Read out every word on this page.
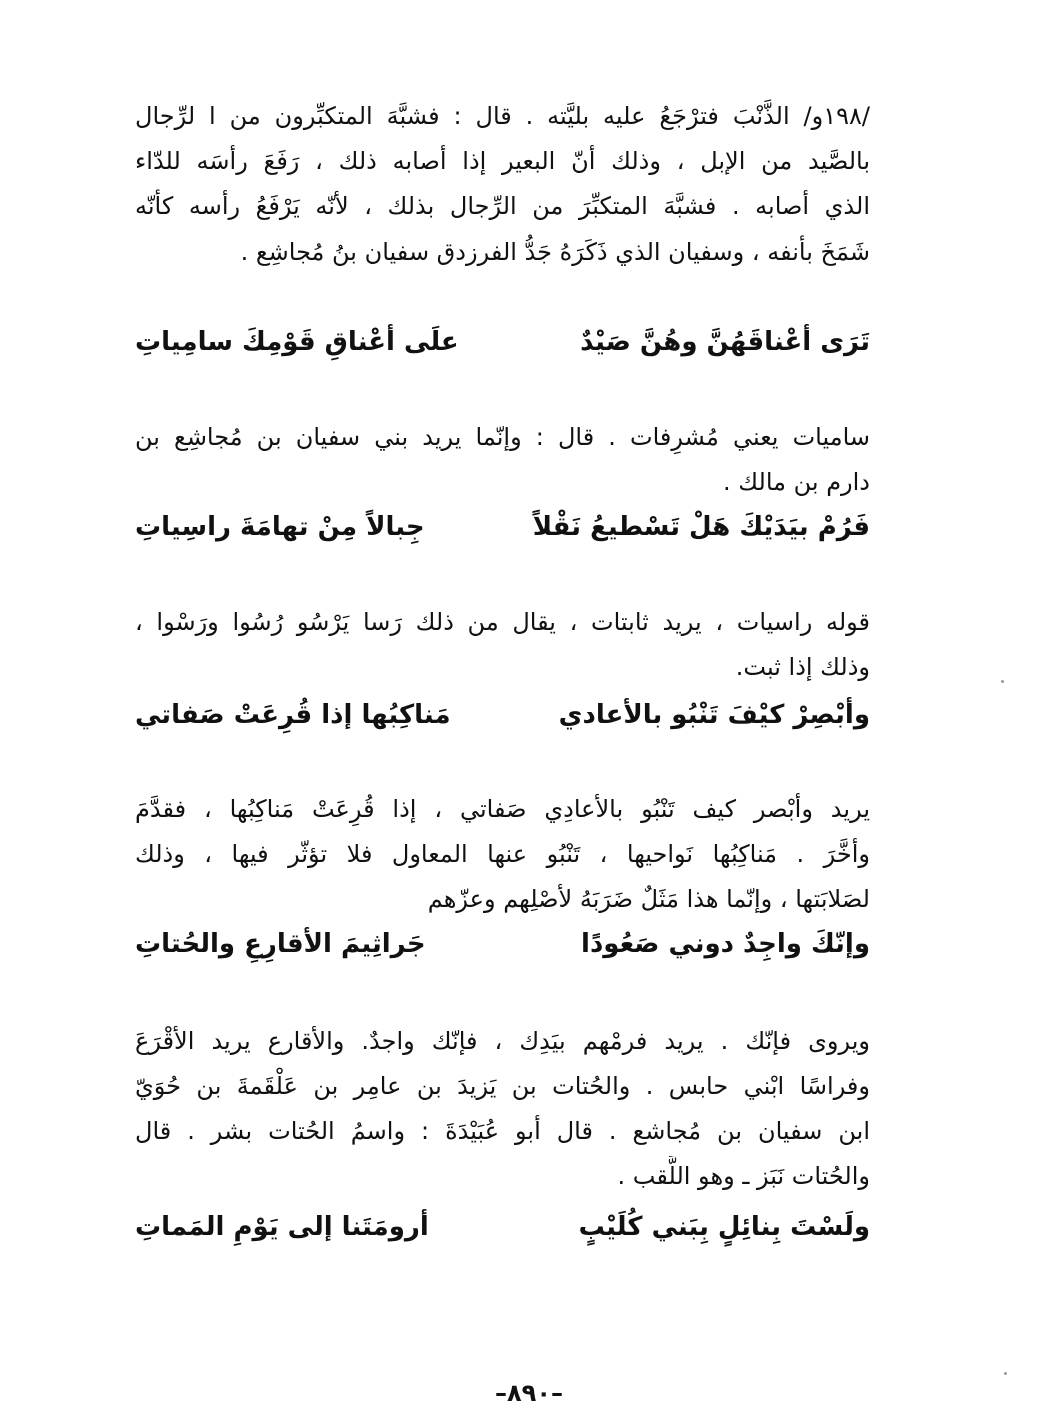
/١٩٨و/ الذَّنْبَ فترْجَعُ عليه بليَّته . قال : فشبَّهَ المتكبِّرون من ا لرِّجال
بالصَّيد من الإبل ، وذلك أنّ البعير إذا أصابه ذلك ، رَفَعَ رأسَه للدّاء
الذي أصابه . فشبَّهَ المتكبِّرَ من الرِّجال بذلك ، لأنّه يَرْفَعُ رأسه كأنّه
شَمَخَ بأنفه ، وسفيان الذي ذَكَرَهُ جَدُّ الفرزدق سفيان بنُ مُجاشِع .
تَرَى أعْناقَهُنَّ وهُنَّ صَيْدٌ
علَى أعْناقِ قَوْمِكَ سامِياتِ
ساميات يعني مُشرِفات . قال : وإنّما يريد بني سفيان بن مُجاشِع بن
دارم بن مالك .
فَرُمْ بيَدَيْكَ هَلْ تَسْطيعُ نَقْلاً
جِبالاً مِنْ تهامَةَ راسِياتِ
قوله راسيات ، يريد ثابتات ، يقال من ذلك رَسا يَرْسُو رُسُوا ورَسْوا ،
وذلك إذا ثبت.
وأبْصِرْ كيْفَ تَنْبُو بالأعادي
مَناكِبُها إذا قُرِعَتْ صَفاتي
يريد وأبْصر كيف تَنْبُو بالأعادِي صَفاتي ، إذا قُرِعَتْ مَناكِبُها ، فقدَّمَ
وأخَّرَ . مَناكِبُها نَواحيها ، تَنْبُو عنها المعاول فلا تؤثّر فيها ، وذلك
لصَلابَتها ، وإنّما هذا مَثَلٌ ضَرَبَهُ لأصْلِهم وعزّهم
وإنّكَ واجِدٌ دوني صَعُودًا
جَراثِيمَ الأقارِعِ والحُتاتِ
ويروى فإنّك . يريد فرمْهم بيَدِك ، فإنّك واجدٌ. والأقارع يريد الأقْرَعَ
وفراسًا ابْني حابس . والحُتات بن يَزيدَ بن عامِر بن عَلْقَمةَ بن حُوَيّ
ابن سفيان بن مُجاشع . قال أبو عُبَيْدَةَ : واسمُ الحُتات بشر . قال
والحُتات نَبَز ـ وهو اللَّقب .
ولَسْتَ بِنائِلٍ بِبَني كُلَيْبٍ
أرومَتَنا إلى يَوْمِ المَماتِ
–٨٩٠–
